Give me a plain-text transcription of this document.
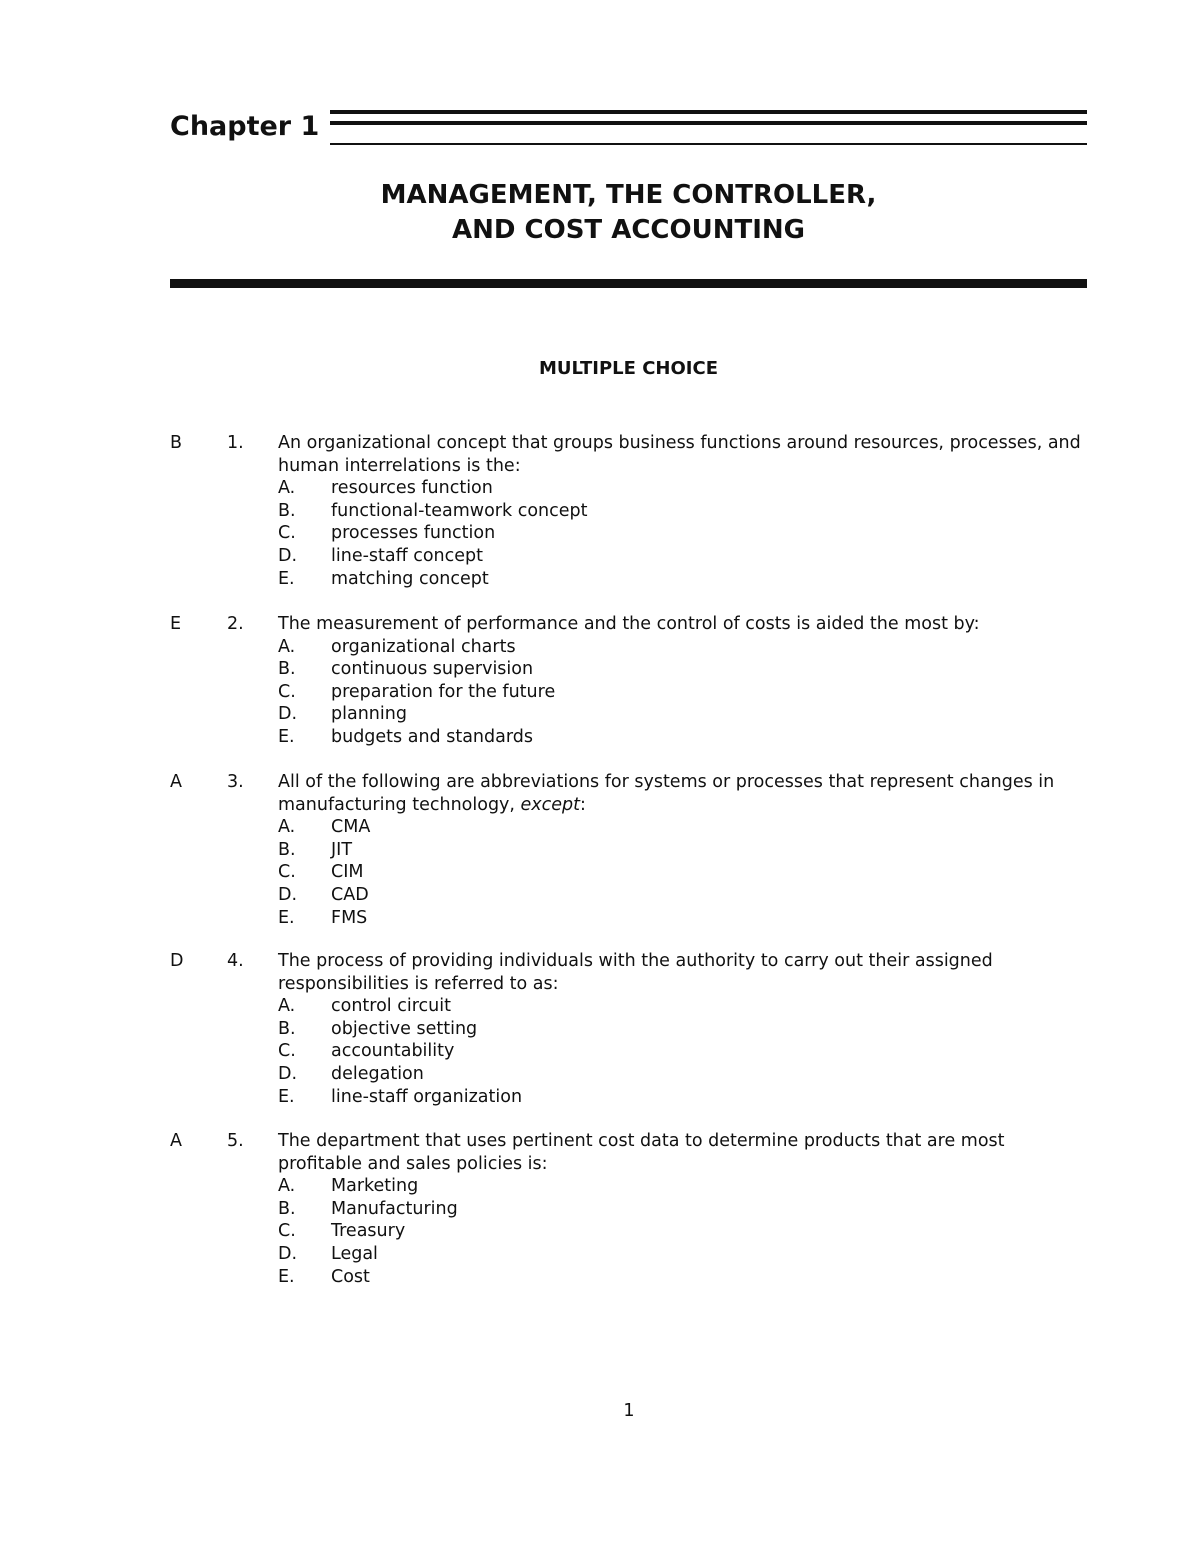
Chapter 1
MANAGEMENT, THE CONTROLLER,
AND COST ACCOUNTING
MULTIPLE CHOICE
B	1. An organizational concept that groups business functions around resources, processes, and human interrelations is the:
A. resources function
B. functional-teamwork concept
C. processes function
D. line-staff concept
E. matching concept
E	2. The measurement of performance and the control of costs is aided the most by:
A. organizational charts
B. continuous supervision
C. preparation for the future
D. planning
E. budgets and standards
A	3. All of the following are abbreviations for systems or processes that represent changes in manufacturing technology, except:
A. CMA
B. JIT
C. CIM
D. CAD
E. FMS
D 4. The process of providing individuals with the authority to carry out their assigned responsibilities is referred to as:
A. control circuit
B. objective setting
C. accountability
D. delegation
E. line-staff organization
A	5. The department that uses pertinent cost data to determine products that are most profitable and sales policies is:
A. Marketing
B. Manufacturing
C. Treasury
D. Legal
E. Cost
1
